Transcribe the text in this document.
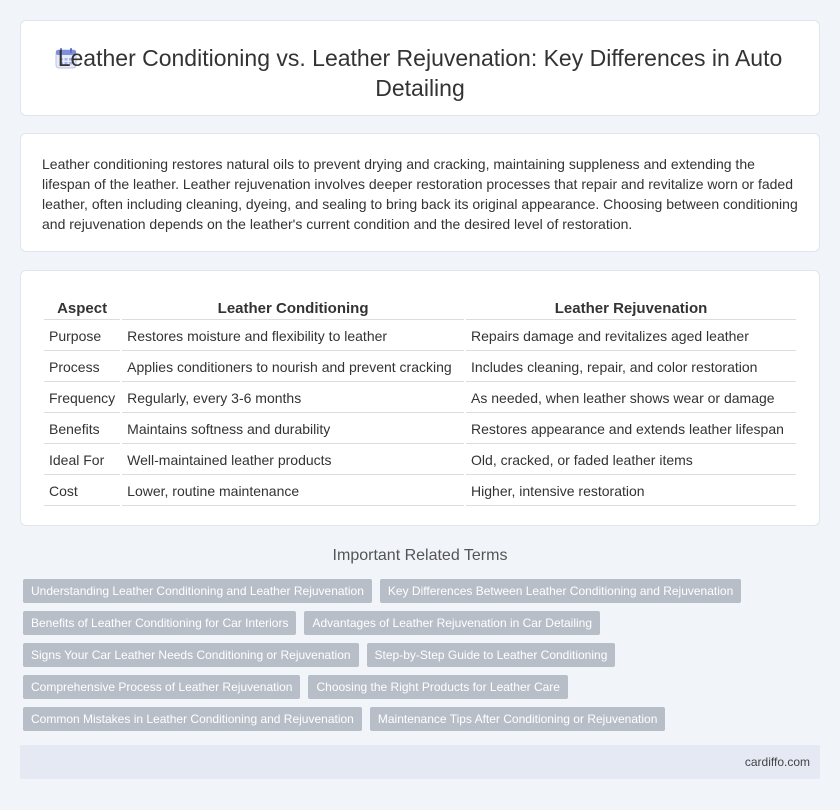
Leather Conditioning vs. Leather Rejuvenation: Key Differences in Auto Detailing

Leather conditioning restores natural oils to prevent drying and cracking, maintaining suppleness and extending the lifespan of the leather. Leather rejuvenation involves deeper restoration processes that repair and revitalize worn or faded leather, often including cleaning, dyeing, and sealing to bring back its original appearance. Choosing between conditioning and rejuvenation depends on the leather's current condition and the desired level of restoration.

Aspect	Leather Conditioning	Leather Rejuvenation
Purpose	Restores moisture and flexibility to leather	Repairs damage and revitalizes aged leather
Process	Applies conditioners to nourish and prevent cracking	Includes cleaning, repair, and color restoration
Frequency	Regularly, every 3-6 months	As needed, when leather shows wear or damage
Benefits	Maintains softness and durability	Restores appearance and extends leather lifespan
Ideal For	Well-maintained leather products	Old, cracked, or faded leather items
Cost	Lower, routine maintenance	Higher, intensive restoration
Important Related Terms
Understanding Leather Conditioning and Leather Rejuvenation	Key Differences Between Leather Conditioning and Rejuvenation
Benefits of Leather Conditioning for Car Interiors	Advantages of Leather Rejuvenation in Car Detailing
Signs Your Car Leather Needs Conditioning or Rejuvenation	Step-by-Step Guide to Leather Conditioning
Comprehensive Process of Leather Rejuvenation	Choosing the Right Products for Leather Care
Common Mistakes in Leather Conditioning and Rejuvenation	Maintenance Tips After Conditioning or Rejuvenation
cardiffo.com
